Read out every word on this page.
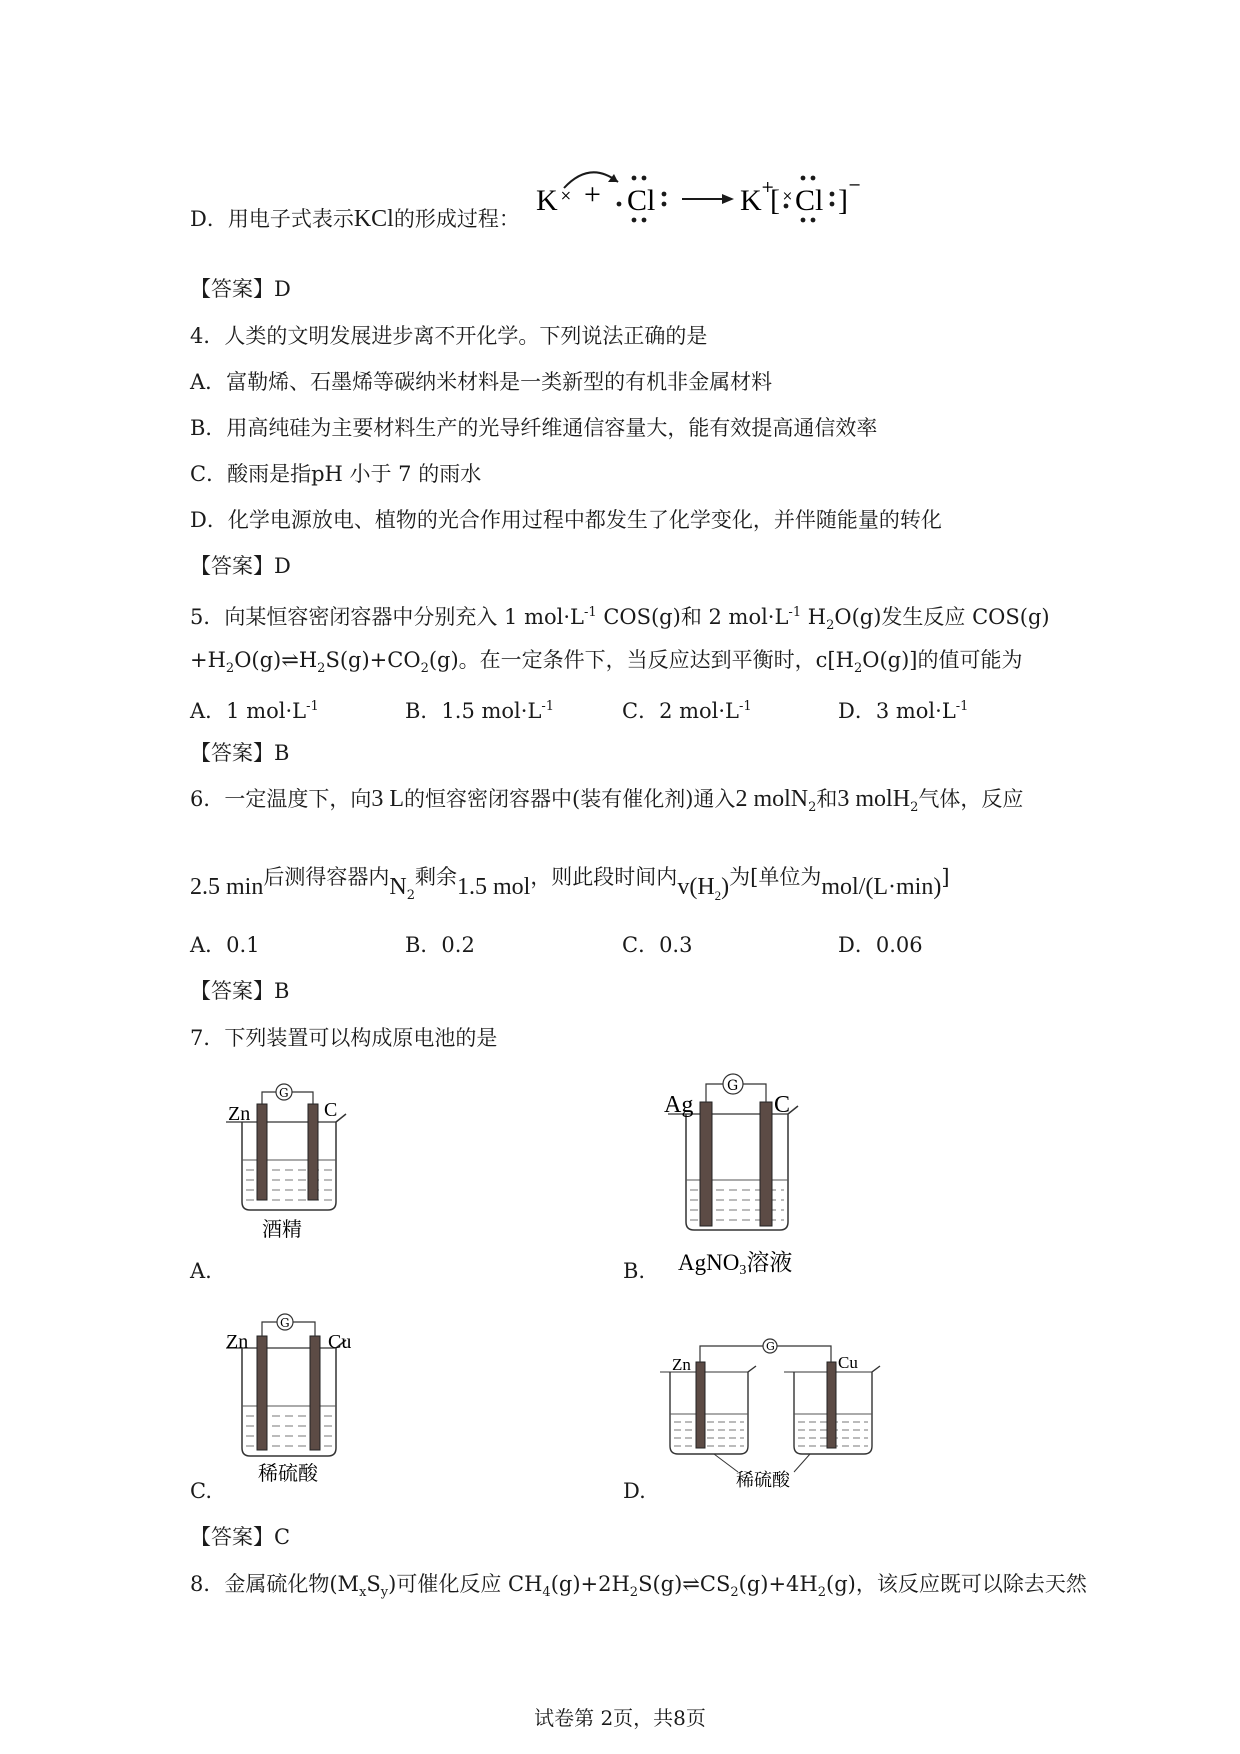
D．用电子式表示KCl的形成过程：
K × + Cl	K +
[ × Cl ] −
【答案】D
4．人类的文明发展进步离不开化学。下列说法正确的是
A．富勒烯、石墨烯等碳纳米材料是一类新型的有机非金属材料
B．用高纯硅为主要材料生产的光导纤维通信容量大，能有效提高通信效率
C．酸雨是指pH 小于 7 的雨水
D．化学电源放电、植物的光合作用过程中都发生了化学变化，并伴随能量的转化
【答案】D
5．向某恒容密闭容器中分别充入 1 $mol\cdot L^{-1}$ COS(g)和 2 $mol\cdot L^{-1}$ $H_2O(g)$发生反应 COS(g)
$+H_2O(g)\rightleftharpoons H_2S(g)+CO_2(g)$。在一定条件下，当反应达到平衡时，$c[H_2O(g)]$的值可能为
A．1 $mol\cdot L^{-1}$	B．1.5 $mol\cdot L^{-1}$	C．2 $mol\cdot L^{-1}$	D．3 $mol\cdot L^{-1}$
【答案】B
6．一定温度下，向3 L的恒容密闭容器中(装有催化剂)通入2 molN$_2$和3 molH$_2$气体，反应
2.5 min后测得容器内$N_2$剩余1.5 mol，则此段时间内$v(H_2)$为[单位为mol/(L·min)]
A．0.1	B．0.2	C．0.3	D．0.06
【答案】B
7．下列装置可以构成原电池的是
G
Zn	C
酒精
A.
G
Ag	C
AgNO3溶液
B.
G
Zn	Cu
稀硫酸
C.
G
Zn	Cu
稀硫酸
D.
【答案】C
8．金属硫化物$(M_xS_y)$可催化反应 $CH_4(g)+2H_2S(g)\rightleftharpoons CS_2(g)+4H_2(g)$，该反应既可以除去天然
试卷第 2页，共8页
